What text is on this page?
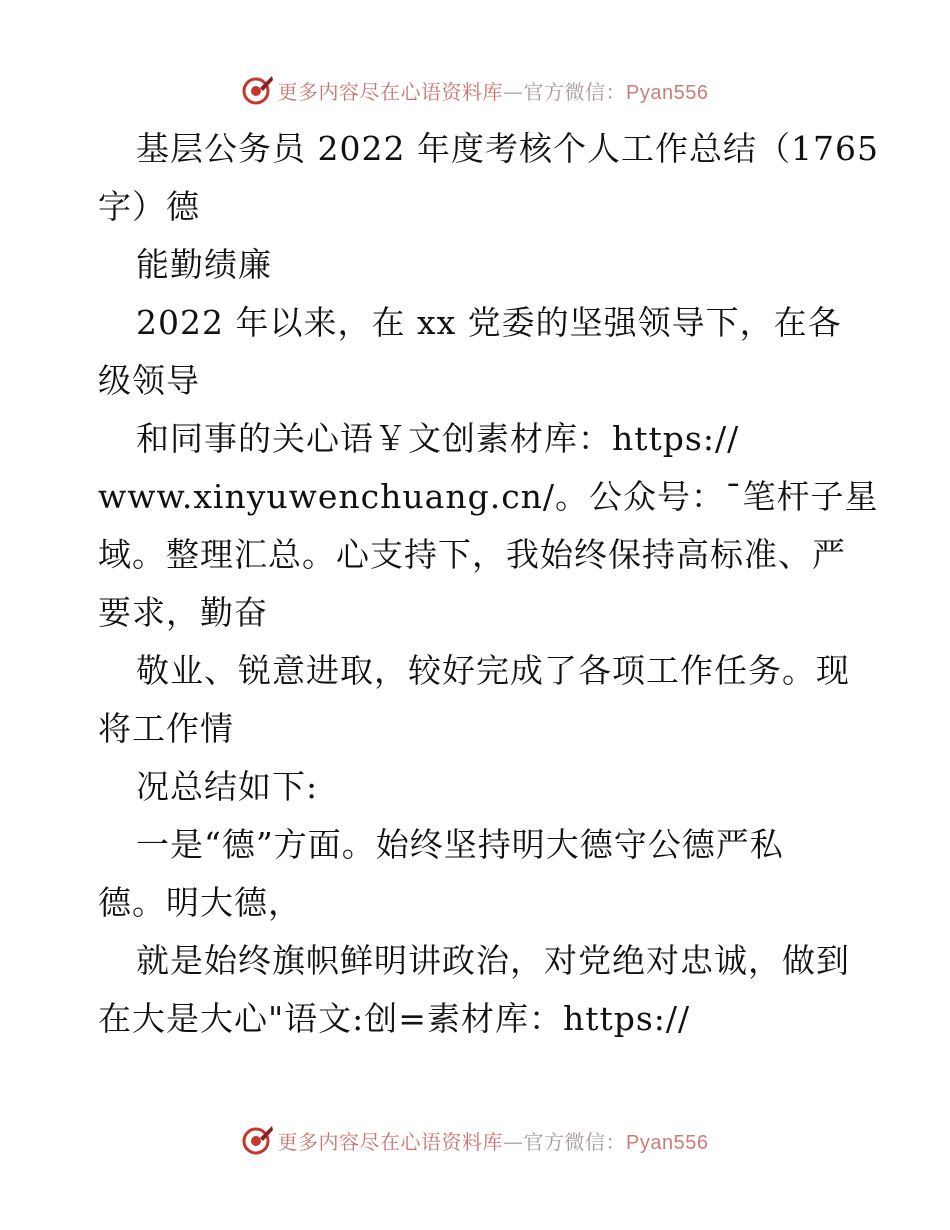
更多内容尽在心语资料库—官方微信：Pyan556
基层公务员 2022 年度考核个人工作总结（1765
字）德
能勤绩廉
2022 年以来，在 xx 党委的坚强领导下，在各
级领导
和同事的关心语￥文创素材库：https://
www.xinyuwenchuang.cn/。公众号：¯笔杆子星
域。整理汇总。心支持下，我始终保持高标准、严
要求，勤奋
敬业、锐意进取，较好完成了各项工作任务。现
将工作情
况总结如下:
一是“德”方面。始终坚持明大德守公德严私
德。明大德，
就是始终旗帜鲜明讲政治，对党绝对忠诚，做到
在大是大心"语文:创=素材库：https://
更多内容尽在心语资料库—官方微信：Pyan556
